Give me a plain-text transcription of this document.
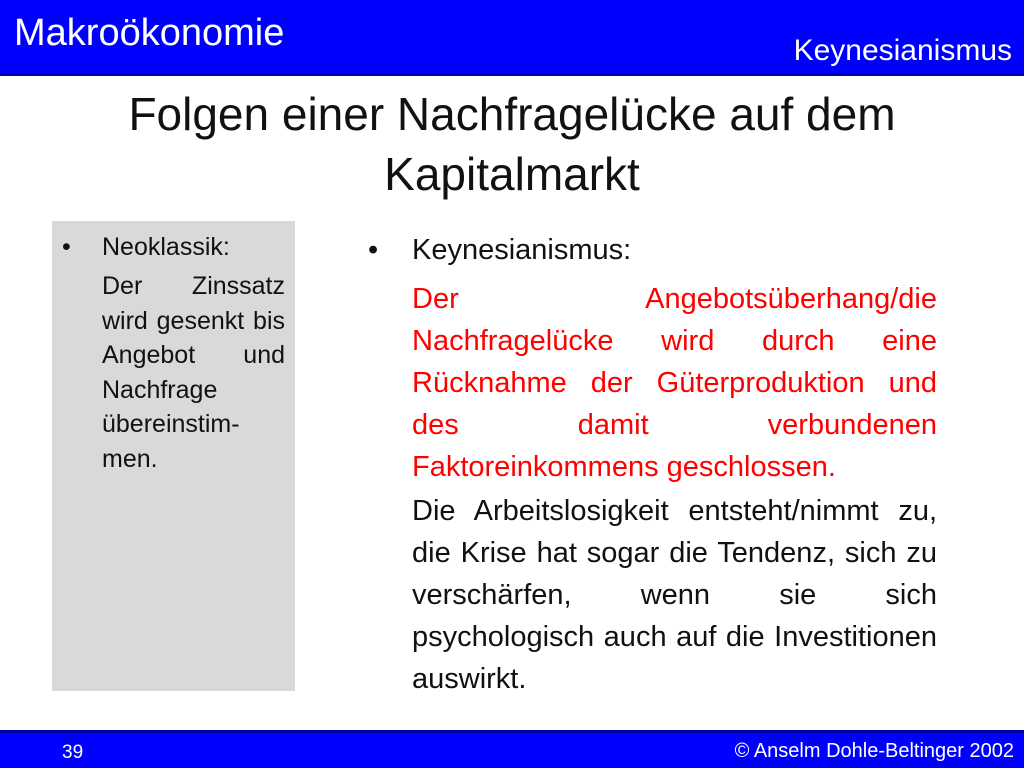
Makroökonomie	Keynesianismus
Folgen einer Nachfragelücke auf dem Kapitalmarkt
• Neoklassik:
Der Zinssatz wird gesenkt bis Angebot und Nachfrage übereinstim-men.
• Keynesianismus:
Der Angebotsüberhang/die Nachfragelücke wird durch eine Rücknahme der Güterproduktion und des damit verbundenen Faktoreinkommens geschlossen.
Die Arbeitslosigkeit entsteht/nimmt zu, die Krise hat sogar die Tendenz, sich zu verschärfen, wenn sie sich psychologisch auch auf die Investitionen auswirkt.
39	© Anselm Dohle-Beltinger 2002
